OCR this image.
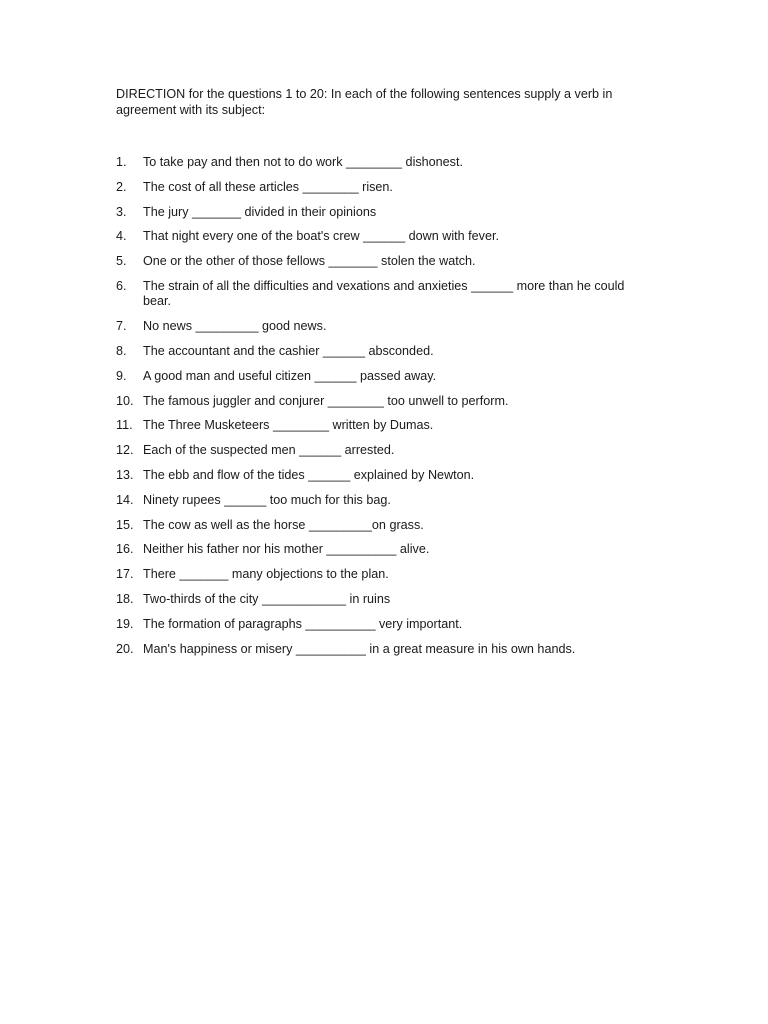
DIRECTION for the questions 1 to 20: In each of the following sentences supply a verb in agreement with its subject:

1.	To take pay and then not to do work ________ dishonest.
2.	The cost of all these articles ________ risen.
3.	The jury _______ divided in their opinions
4.	That night every one of the boat's crew ______ down with fever.
5.	One or the other of those fellows _______ stolen the watch.
6.	The strain of all the difficulties and vexations and anxieties ______ more than he could bear.
7.	No news _________ good news.
8.	The accountant and the cashier ______ absconded.
9.	A good man and useful citizen ______ passed away.
10. The famous juggler and conjurer ________ too unwell to perform.
11. The Three Musketeers ________ written by Dumas.
12. Each of the suspected men ______ arrested.
13. The ebb and flow of the tides ______ explained by Newton.
14. Ninety rupees ______ too much for this bag.
15. The cow as well as the horse _________on grass.
16. Neither his father nor his mother __________ alive.
17. There _______ many objections to the plan.
18. Two-thirds of the city ____________ in ruins
19. The formation of paragraphs __________ very important.
20. Man's happiness or misery __________ in a great measure in his own hands.
